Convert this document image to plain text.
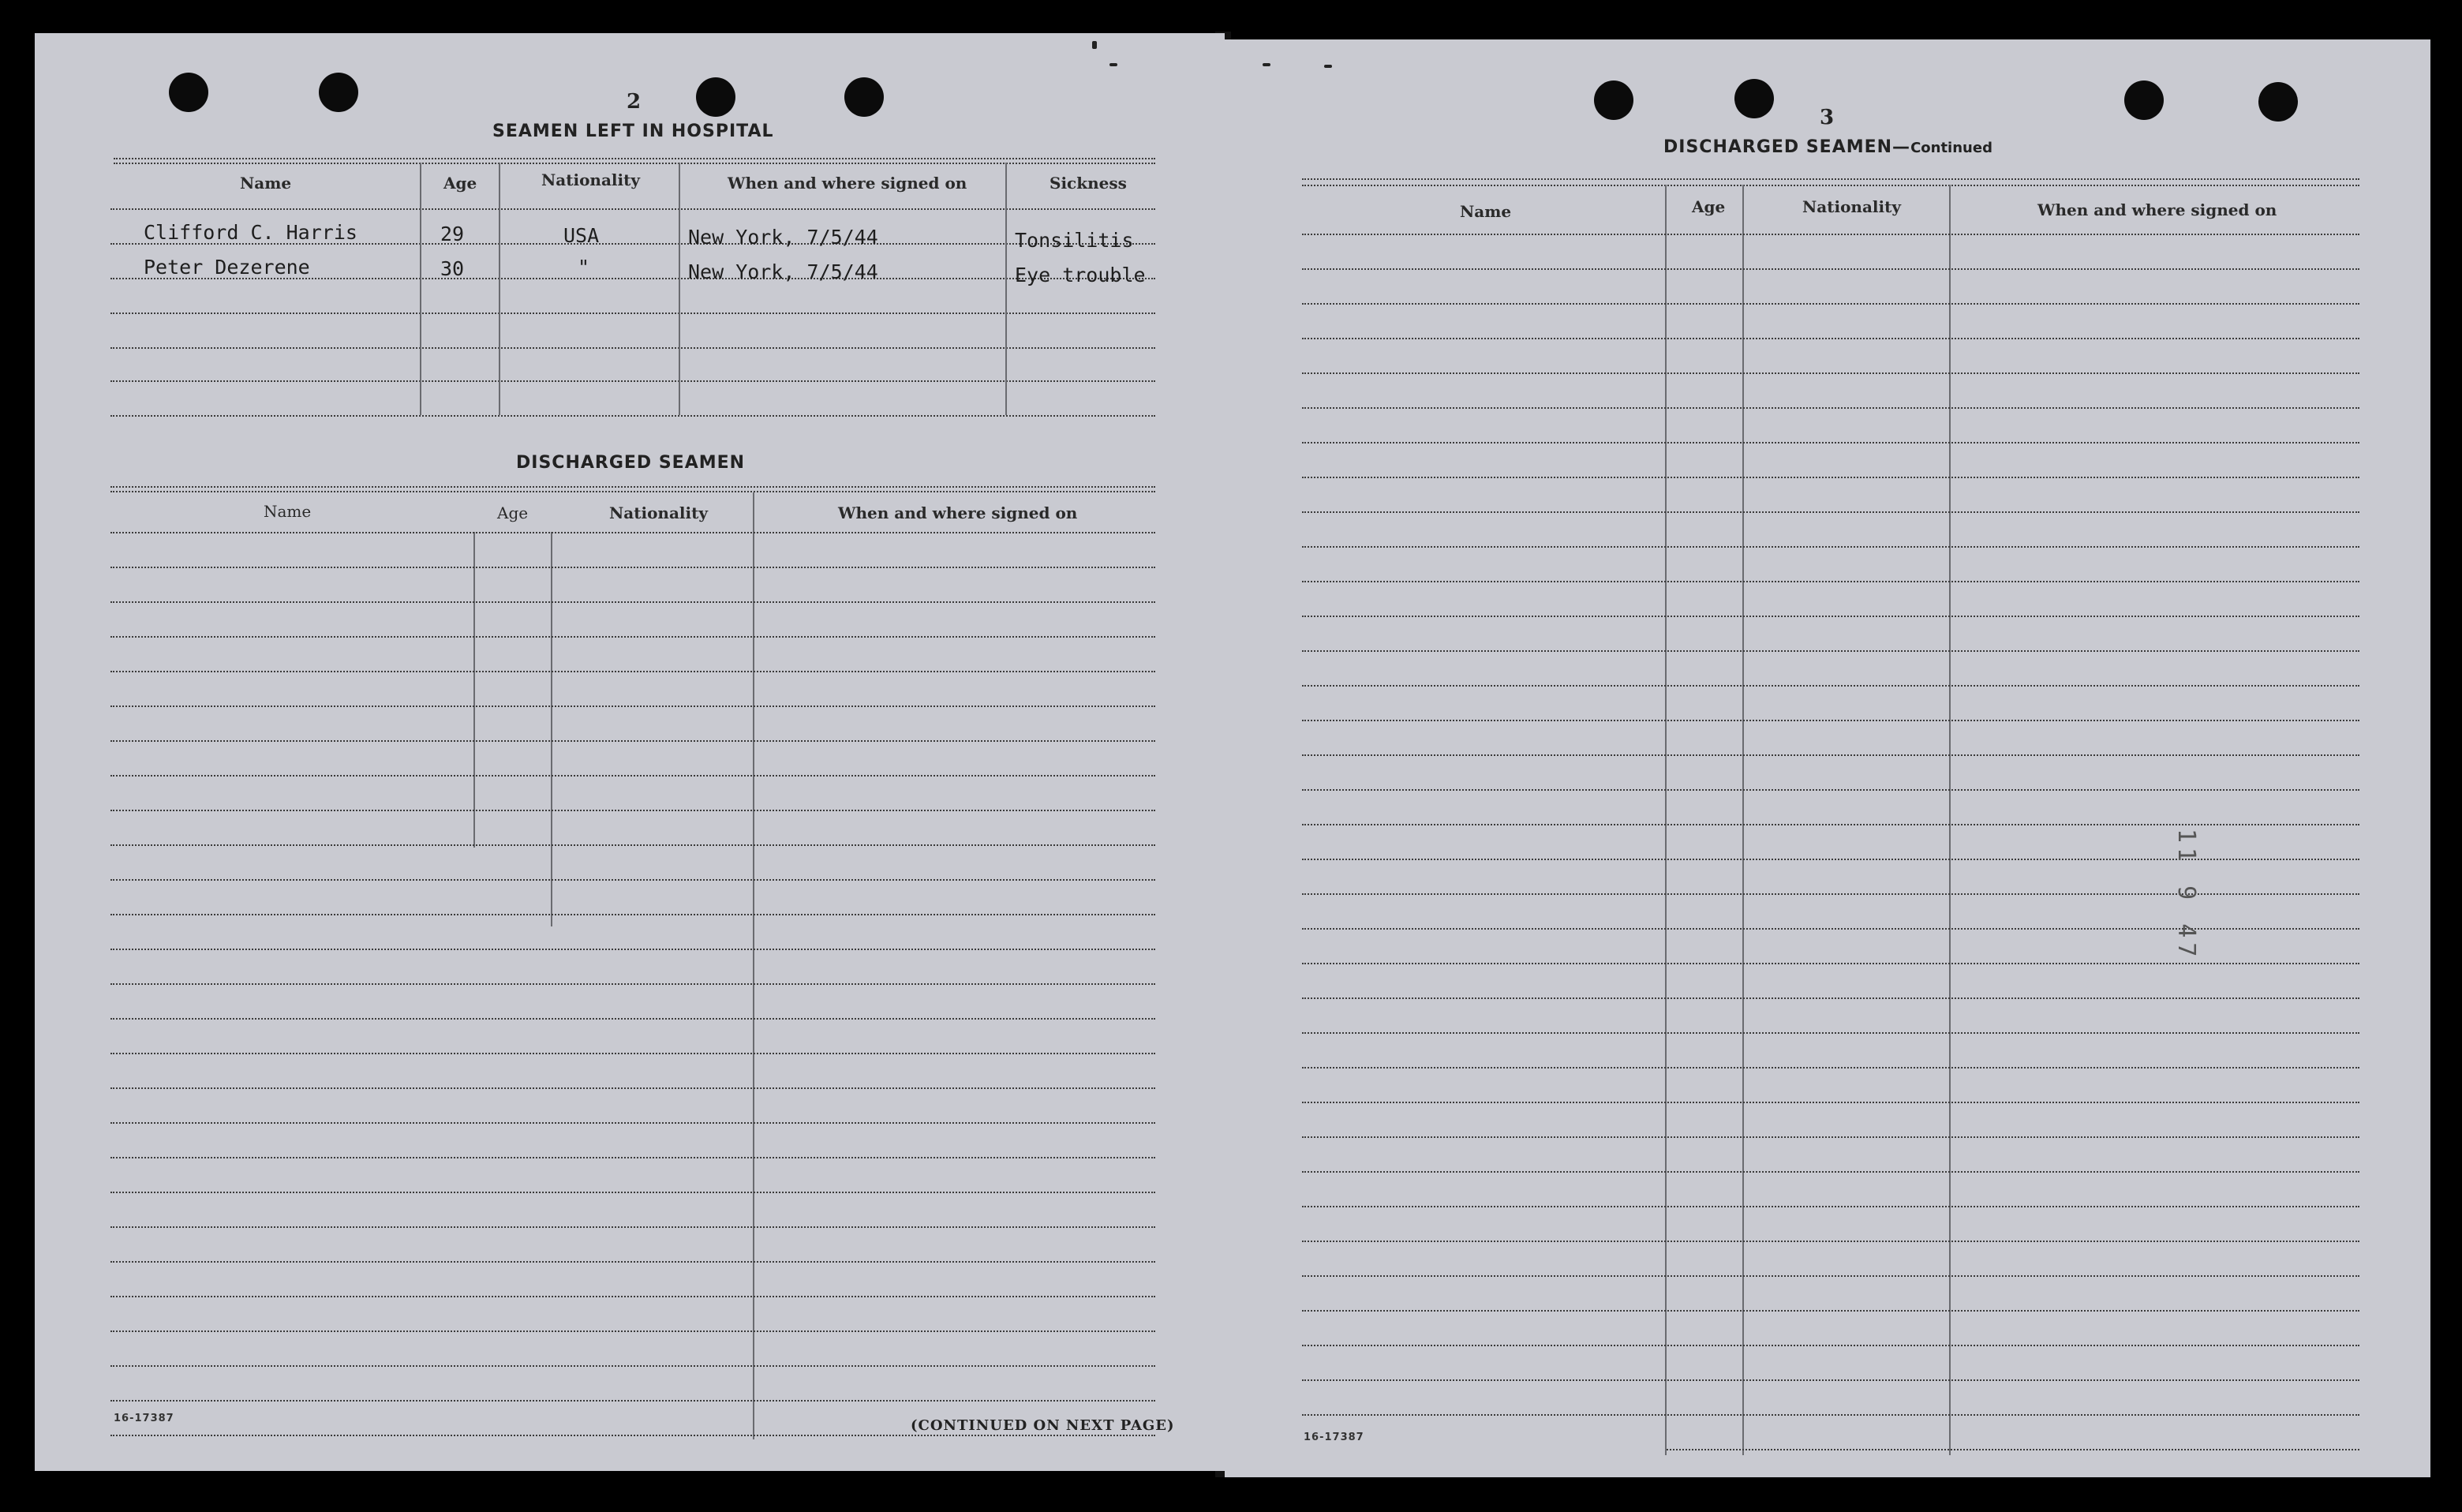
2
SEAMEN LEFT IN HOSPITAL
Name	Age	Nationality	When and where signed on	Sickness
Clifford C. Harris	29	USA	New York, 7/5/44	Tonsilitis
Peter Dezerene	30	"	New York, 7/5/44	Eye trouble
DISCHARGED SEAMEN
Name	Age	Nationality	When and where signed on
16-17387	(CONTINUED ON NEXT PAGE)
3
DISCHARGED SEAMEN—Continued
Name	Age	Nationality	When and where signed on
11 9 47
16-17387
